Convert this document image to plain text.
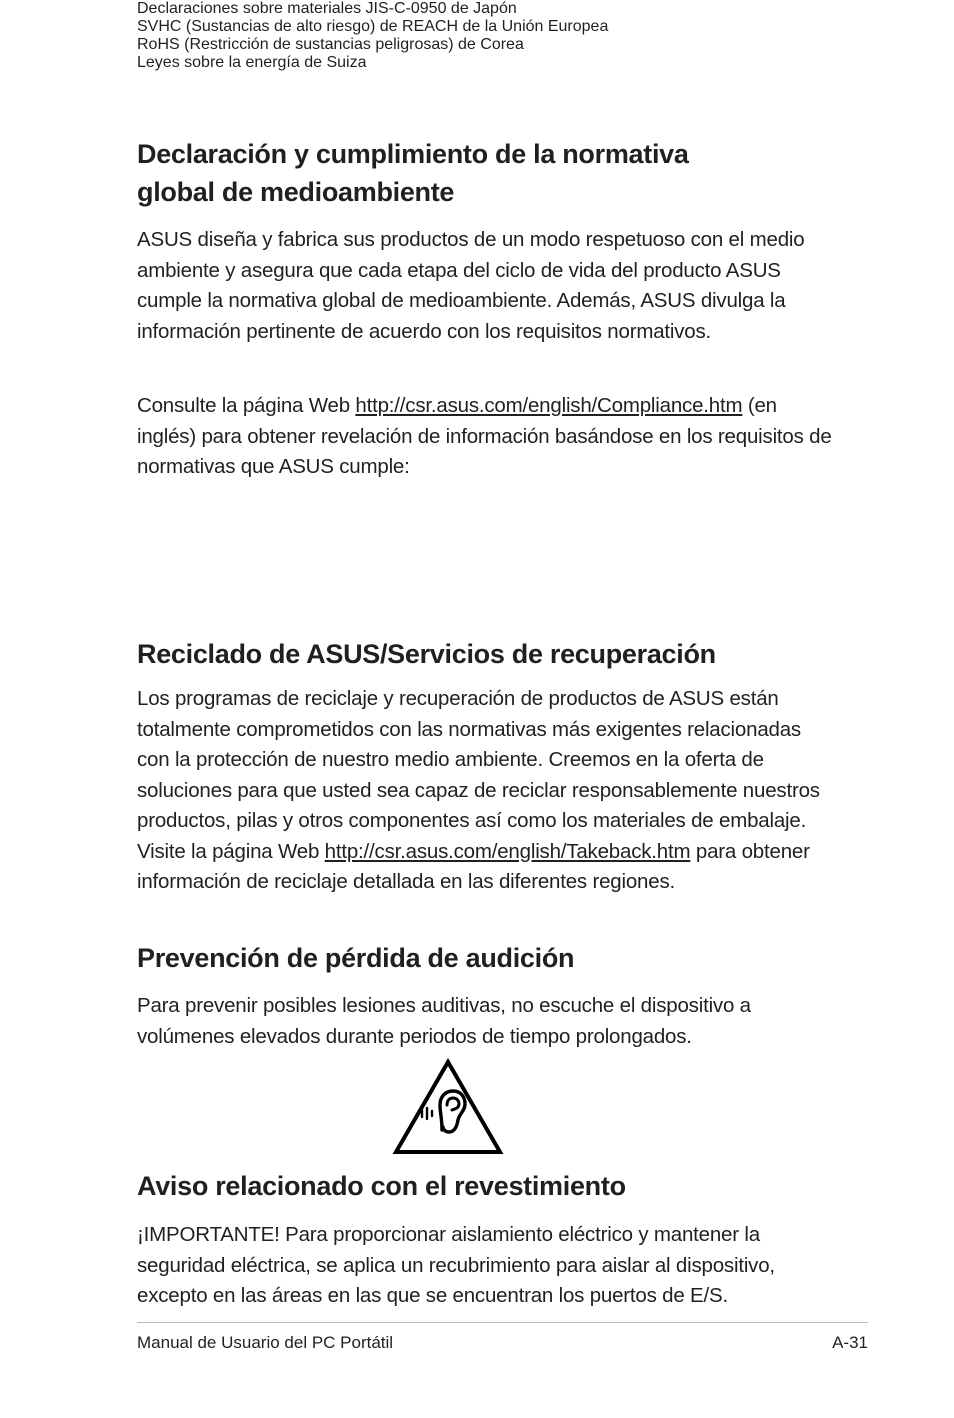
Declaración y cumplimiento de la normativa
global de medioambiente

ASUS diseña y fabrica sus productos de un modo respetuoso con el medio ambiente y asegura que cada etapa del ciclo de vida del producto ASUS cumple la normativa global de medioambiente. Además, ASUS divulga la información pertinente de acuerdo con los requisitos normativos.

Consulte la página Web http://csr.asus.com/english/Compliance.htm (en inglés) para obtener revelación de información basándose en los requisitos de normativas que ASUS cumple:

Declaraciones sobre materiales JIS-C-0950 de Japón
SVHC (Sustancias de alto riesgo) de REACH de la Unión Europea
RoHS (Restricción de sustancias peligrosas) de Corea
Leyes sobre la energía de Suiza

Reciclado de ASUS/Servicios de recuperación

Los programas de reciclaje y recuperación de productos de ASUS están totalmente comprometidos con las normativas más exigentes relacionadas con la protección de nuestro medio ambiente. Creemos en la oferta de soluciones para que usted sea capaz de reciclar responsablemente nuestros productos, pilas y otros componentes así como los materiales de embalaje. Visite la página Web http://csr.asus.com/english/Takeback.htm para obtener información de reciclaje detallada en las diferentes regiones.

Prevención de pérdida de audición

Para prevenir posibles lesiones auditivas, no escuche el dispositivo a volúmenes elevados durante periodos de tiempo prolongados.

Aviso relacionado con el revestimiento

¡IMPORTANTE! Para proporcionar aislamiento eléctrico y mantener la seguridad eléctrica, se aplica un recubrimiento para aislar al dispositivo, excepto en las áreas en las que se encuentran los puertos de E/S.

Manual de Usuario del PC Portátil	A-31
